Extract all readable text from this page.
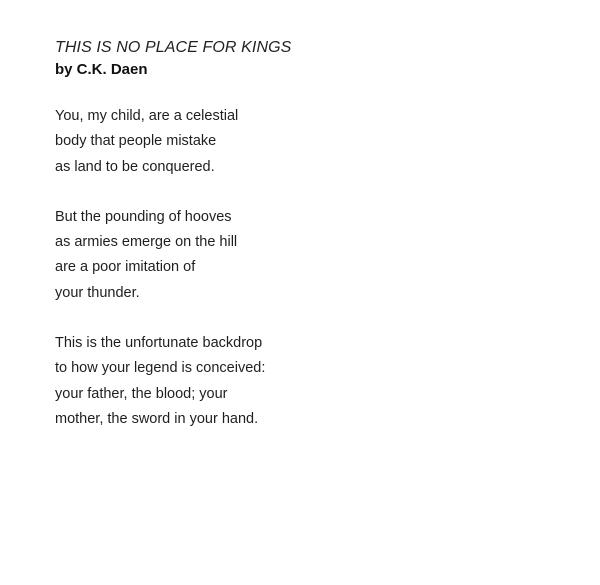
THIS IS NO PLACE FOR KINGS

by C.K. Daen

You, my child, are a celestial

body that people mistake

as land to be conquered.

But the pounding of hooves

as armies emerge on the hill

are a poor imitation of

your thunder.

This is the unfortunate backdrop

to how your legend is conceived:

your father, the blood; your

mother, the sword in your hand.
